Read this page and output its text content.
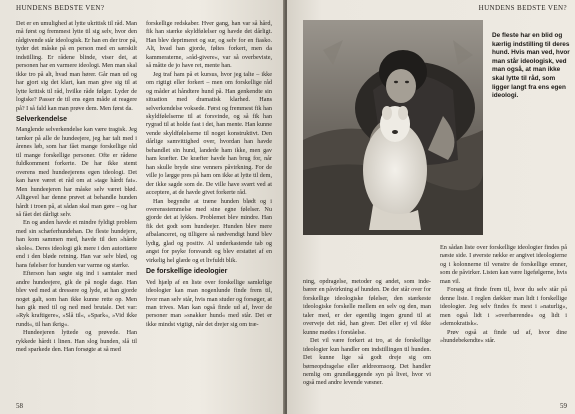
HUNDENS BEDSTE VEN?

Det er en umulighed at lytte ukritisk til råd. Man må først og fremmest lytte til sig selv, hvor den rådgivende står ideologisk. Er han en der tror på, tyder det måske på en person med en særskilt indstilling. Er rådene blinde, viser det, at personen har en varmere ideologi. Men man skal ikke tro på alt, hvad man hører. Går man ud og har gjort sig det klart, kan man give sig til at lytte kritisk til råd, hvilke råde følger. Lyder de logiske? Passer de til ens egen måde at reagere på? I så fald kan man prøve dem. Men først da.

Selverkendelse

Manglende selverkendelse kan være tragisk. Jeg tænker på alle de hundeejere, jeg har talt med i årenes løb, som har fået mange forskellige råd til mange forskellige personer. Ofte er rådene fuldkomment forkerte. De har ikke stemt overens med hundeejerens egen ideologi. Det kan have været et råd om at »tage hårdt fat«. Men hundeejeren har måske selv været blød. Alligevel har denne prøvet at behandle hunden hårdt i troen på, at sådan skal man gøre – og har så fået det dårligt selv.

En og anden havde et mindre fyldigt problem med sin schæferhundehan. De fleste hundejere, han kom sammen med, havde til den »hårde skole«. Deres ideologi gik mere i den autoritære end i den bløde retning. Han var selv blød, og hans følelser for hunden var varme og stærke.

Efterson han søgte sig ind i samtaler med andre hundeejere, gik de på nogle dage. Han blev ved med at dressere og lyde, at han gjorde noget galt, som han ikke kunne rette op. Men han gik med til og ned med brutale. Det var: »Ryk kraftigere«, »Slå til«, »Spark«, »Vid ikke rundt«, til han ikrig«.

Hundeejeren lyttede og prøvede. Han rykkede hårdt i linen. Han slog hunden, slå til med sparkede den. Han forsøgte at så med

forskellige redskaber. Hver gang, han var så hård, fik han stærke skyldfølelser og havde det dårligt. Han blev deprimeret og sur, og selv for en fiasko. Alt, hvad han gjorde, føltes forkert, men da kammeraterne, »råd-givere«, var så overbeviste, så måtte de jo have ret, mente han.

Jeg traf ham på et kursus, hvor jeg talte – ikke om rigtigt eller forkert – men om forskellige råd og måder at håndtere hund på. Han genkendte sin situation med dramatisk klarhed. Hans selverkendelse voksede. Først og fremmest fik han skyldfølelserne til at forsvinde, og så fik han rygrad til at holde fast i det, han mente. Han kunne vende skyldfølelserne til noget konstruktivt. Den dårlige samvittighed over, hvordan han havde behandlet sin hund, landede ham ikke, men gav ham kræfter. De kræfter havde han brug for, når han skulle bryde sine venners påvirkning. For de ville jo lægge pres på ham om ikke at lytte til dem, der ikke sagde som de. De ville have svært ved at acceptere, at de havde givet forkerte råd.

Han begyndte at træne hunden blødt og i overensstemmelse med sine egne følelser. Nu gjorde det at lykkes. Problemet blev mindre. Han fik det godt som hundeejer. Hunden blev mere afbalanceret, og tilligere så nødvendigt hund blev lydig, glad og positiv. Al underkastende tab og angst for psyke forsvandt og blev erstattet af en virkelig hel glæde og et livfuldt blik.

De forskellige ideologier

Ved hjælp af en liste over forskellige samkrlige ideologier kan man nogenlunde finde frem til, hvor man selv står, hvis man studer og forsøger, at man trives. Man kan også finde ud af, hvor de personer man »snakker hund« med står. Det er ikke mindst vigtigt, når det drejer sig om træ-

58
HUNDENS BEDSTE VEN?
De fleste har en blid og kærlig indstilling til deres hund. Hvis man ved, hvor man står ideologisk, ved man også, at man ikke skal lytte til råd, som ligger langt fra ens egen ideologi.

ning, opdragelse, metoder og andet, som inde- bærer en påvirkning af hunden. De der står over for forskellige ideologiske følelser, den stærkeste ideologiske forskelle mellem en selv og den, man taler med, er der egentlig ingen grund til at overveje det råd, han giver. Det eller ej vil ikke kunne mødes i forståelse.

Det vil være forkert at tro, at de forskellige ideologier kun handler om indstillingen til hunden. Det kunne lige så godt dreje sig om børneopdragelse eller ældreomsorg. Det handler nemlig om grundlæggende syn på livet, hvor vi også med andre levende væsner.

En sådan liste over forskellige ideologier findes på næste side. I øverste række er angivet ideologierne og i kolonnerne til venstre de forskellige emner, som de påvirker. Listen kan være ligefølgerne, hvis man vil.

Forsøg at finde frem til, hvor du selv står på denne liste. I reglen dækker man lidt i forskellige ideologier. Jeg selv findes fx mest i »naturlig«, men også lidt i »overbærende« og lidt i »demokratisk«.

Prøv også at finde ud af, hvor dine »hundebekendte« står.

59
